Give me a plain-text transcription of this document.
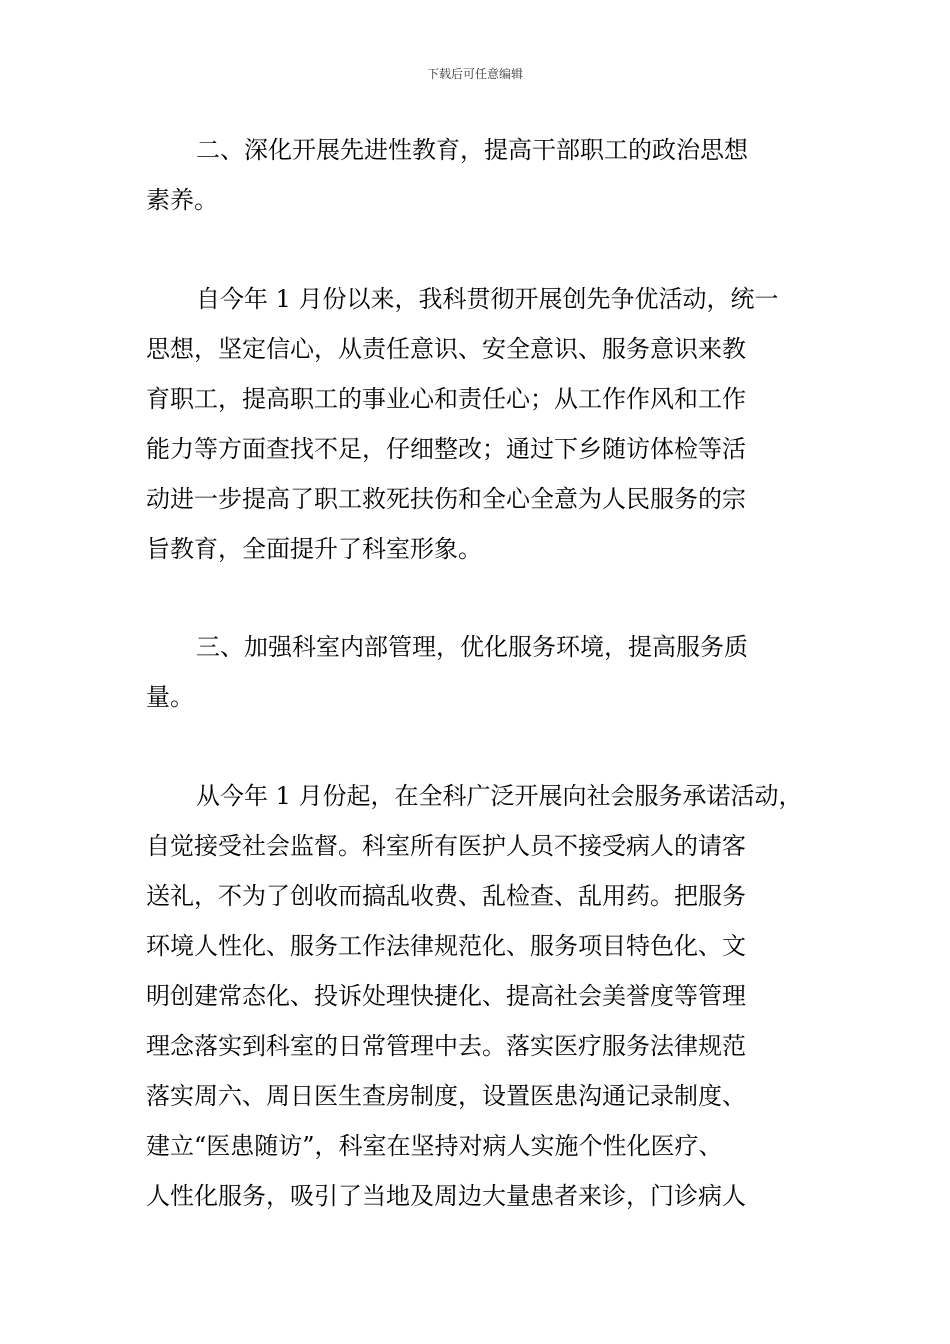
下载后可任意编辑
二、深化开展先进性教育，提高干部职工的政治思想
素养。
自今年 1 月份以来，我科贯彻开展创先争优活动，统一
思想，坚定信心，从责任意识、安全意识、服务意识来教
育职工，提高职工的事业心和责任心；从工作作风和工作
能力等方面查找不足，仔细整改；通过下乡随访体检等活
动进一步提高了职工救死扶伤和全心全意为人民服务的宗
旨教育，全面提升了科室形象。
三、加强科室内部管理，优化服务环境，提高服务质
量。
从今年 1 月份起，在全科广泛开展向社会服务承诺活动，
自觉接受社会监督。科室所有医护人员不接受病人的请客
送礼，不为了创收而搞乱收费、乱检查、乱用药。把服务
环境人性化、服务工作法律规范化、服务项目特色化、文
明创建常态化、投诉处理快捷化、提高社会美誉度等管理
理念落实到科室的日常管理中去。落实医疗服务法律规范
落实周六、周日医生查房制度，设置医患沟通记录制度、
建立“医患随访”，科室在坚持对病人实施个性化医疗、
人性化服务，吸引了当地及周边大量患者来诊，门诊病人
